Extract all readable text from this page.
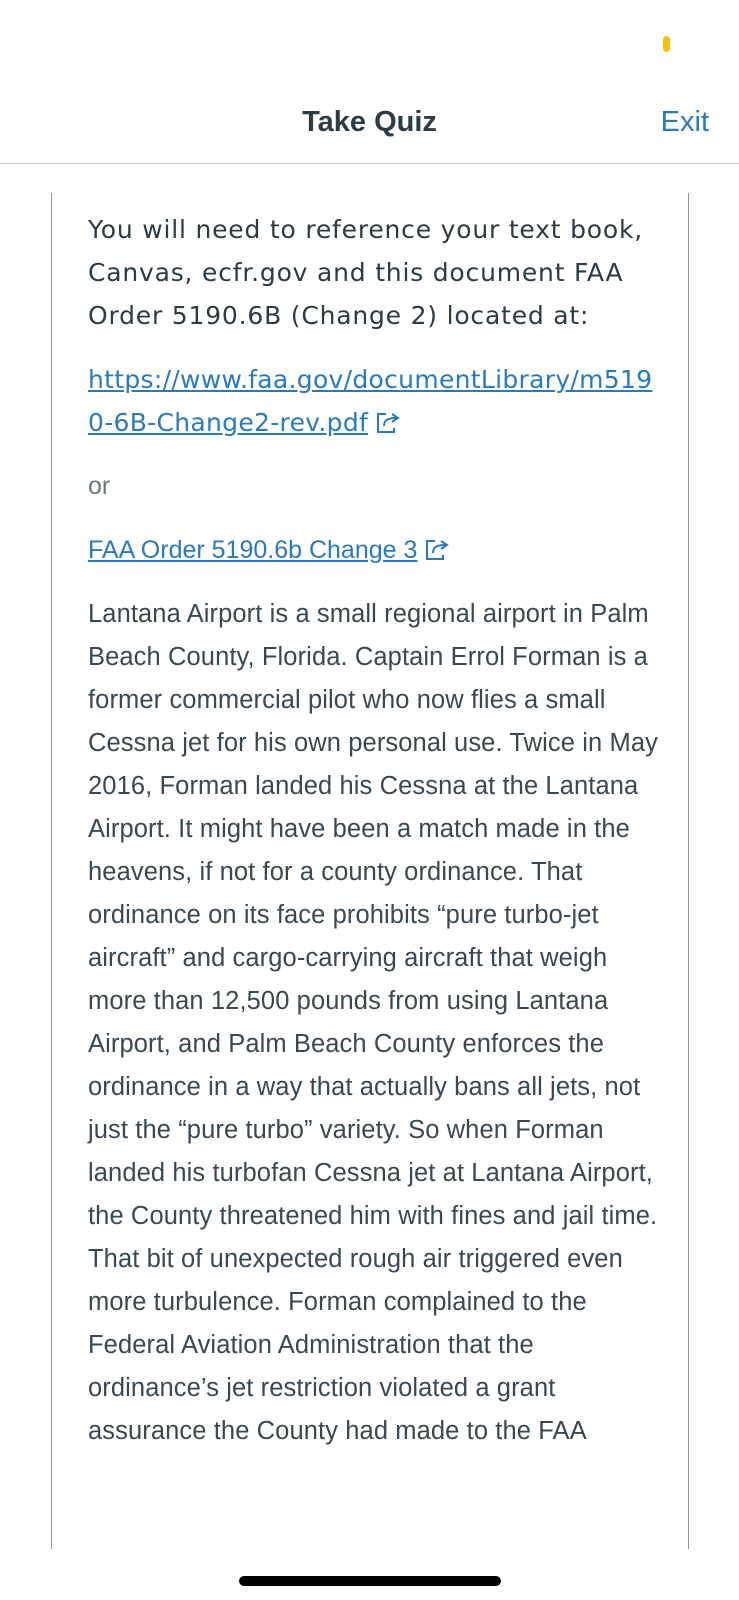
Take Quiz	Exit

You will need to reference your text book, Canvas, ecfr.gov and this document FAA Order 5190.6B (Change 2) located at:

https://www.faa.gov/documentLibrary/m5190-6B-Change2-rev.pdf

or

FAA Order 5190.6b Change 3

Lantana Airport is a small regional airport in Palm Beach County, Florida. Captain Errol Forman is a former commercial pilot who now flies a small Cessna jet for his own personal use. Twice in May 2016, Forman landed his Cessna at the Lantana Airport. It might have been a match made in the heavens, if not for a county ordinance. That ordinance on its face prohibits “pure turbo-jet aircraft” and cargo-carrying aircraft that weigh more than 12,500 pounds from using Lantana Airport, and Palm Beach County enforces the ordinance in a way that actually bans all jets, not just the “pure turbo” variety. So when Forman landed his turbofan Cessna jet at Lantana Airport, the County threatened him with fines and jail time. That bit of unexpected rough air triggered even more turbulence. Forman complained to the Federal Aviation Administration that the ordinance’s jet restriction violated a grant assurance the County had made to the FAA
